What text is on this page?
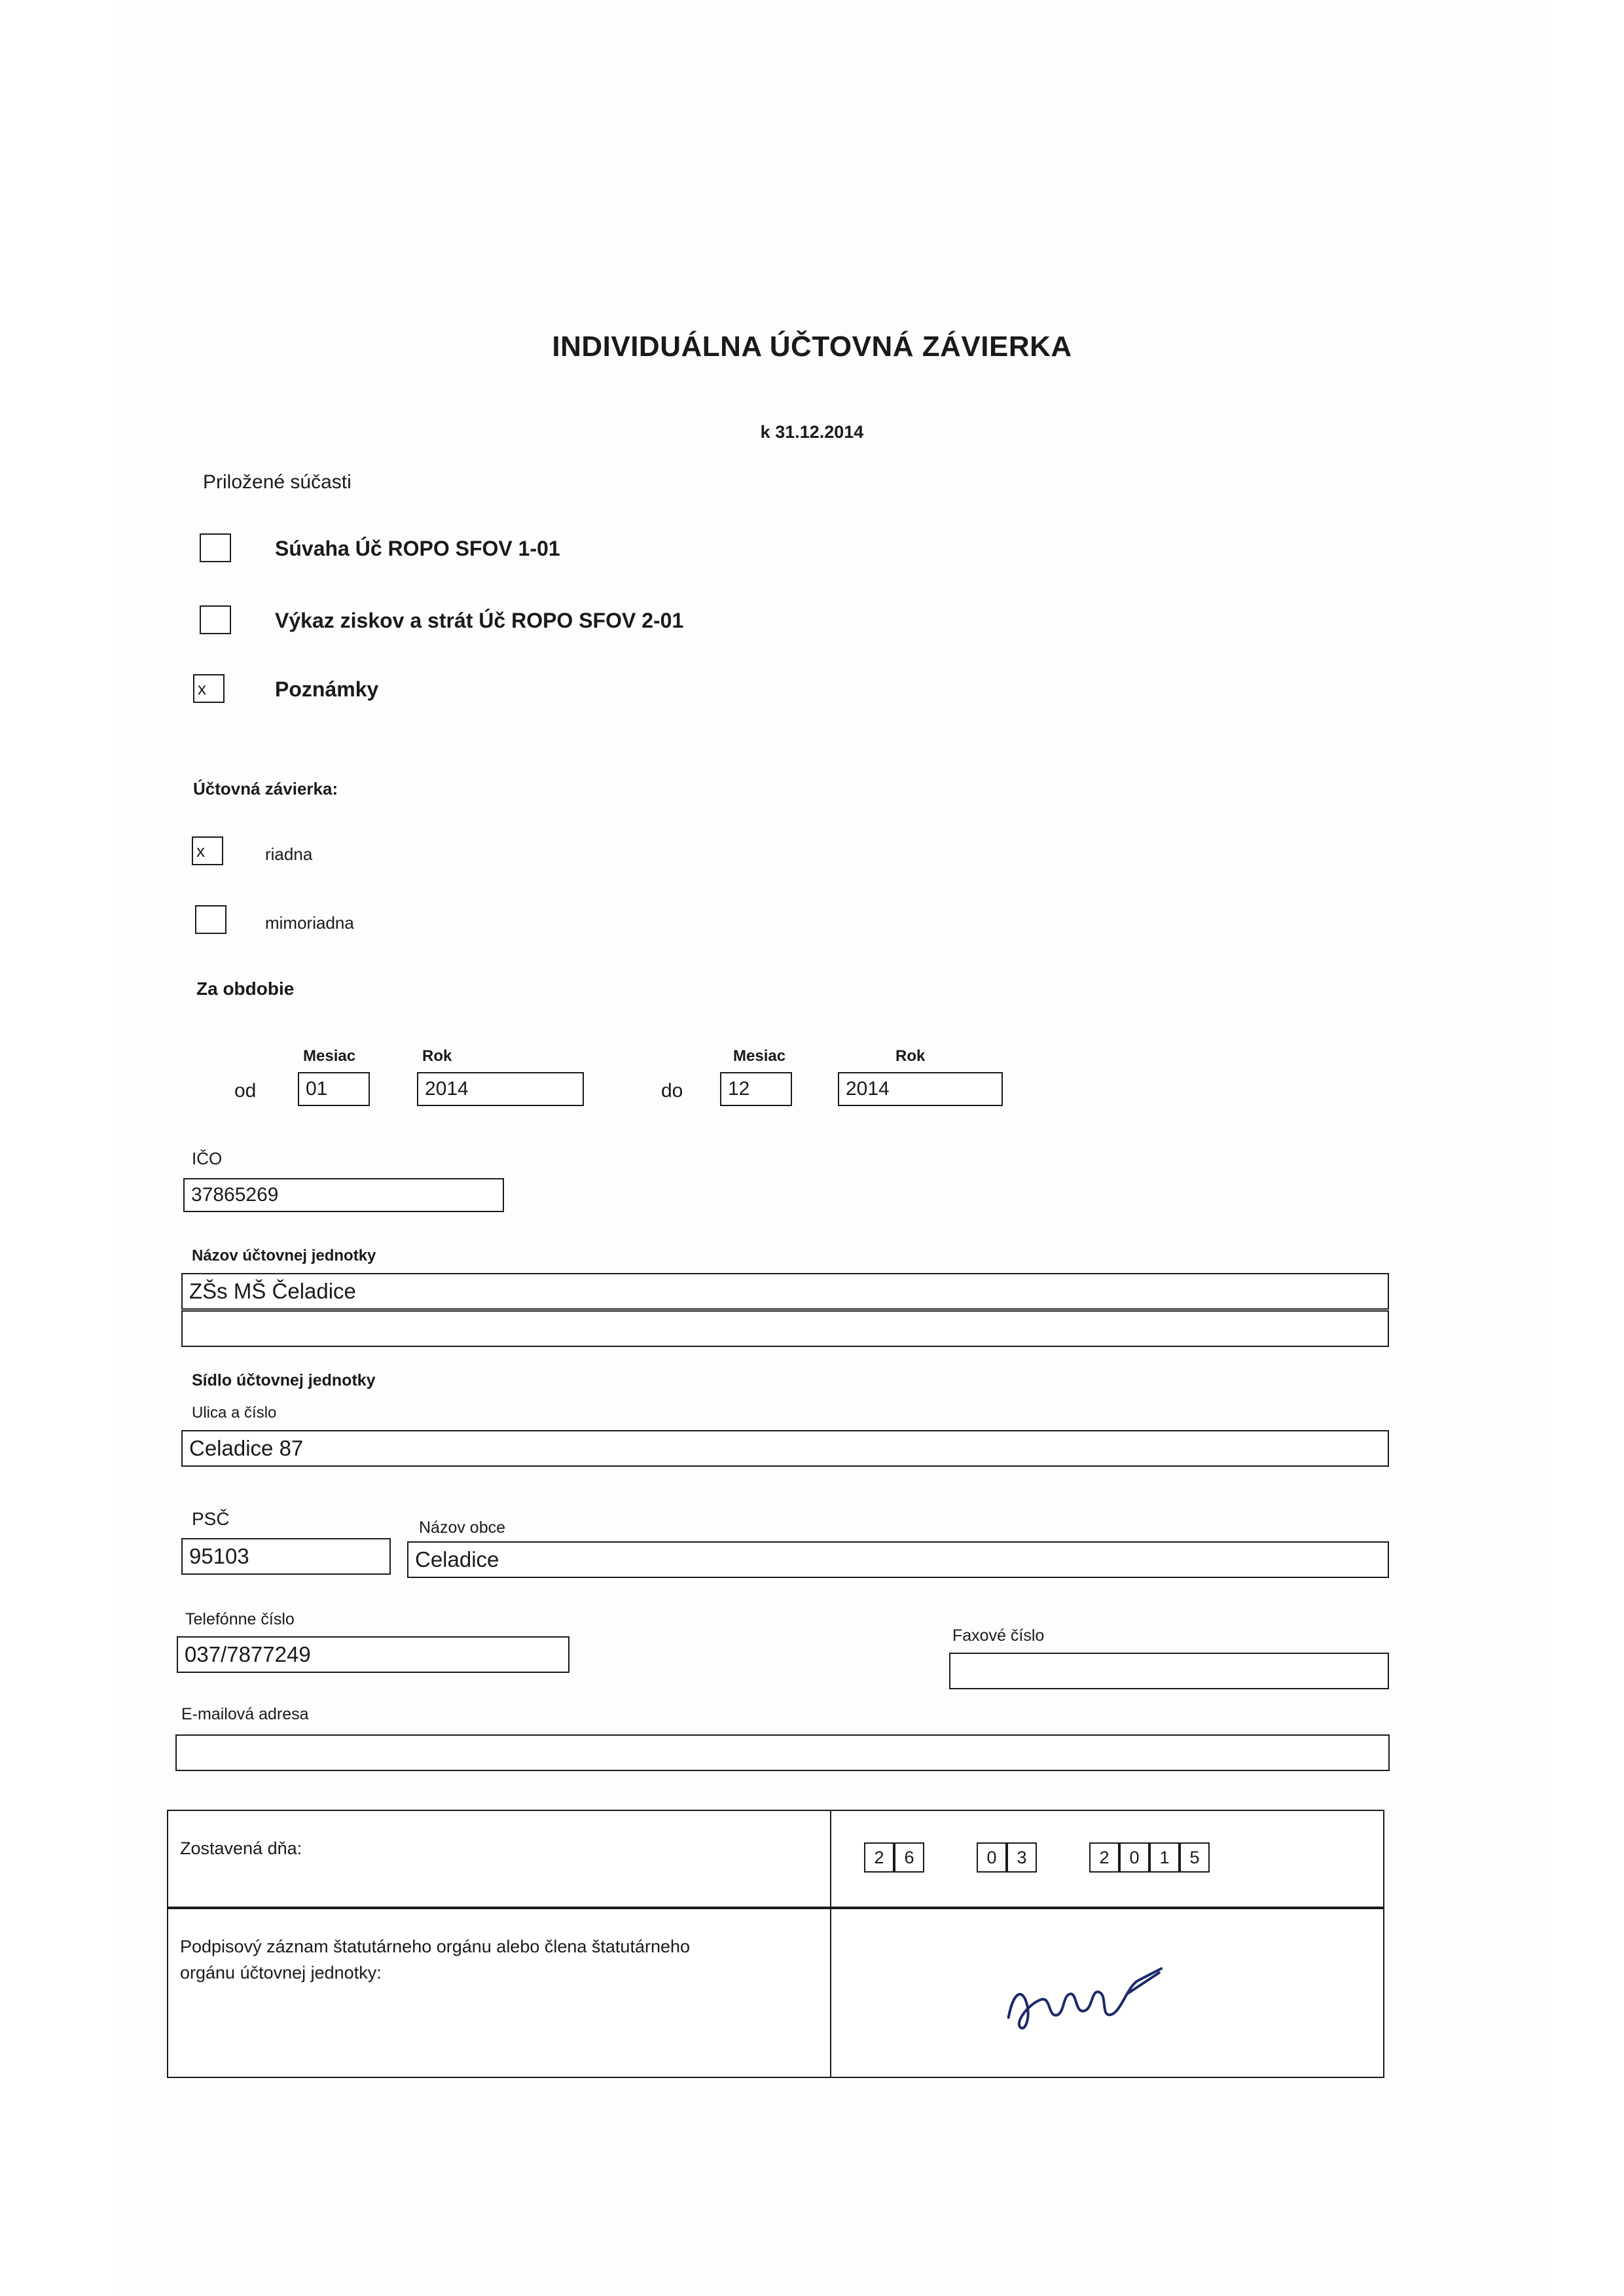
INDIVIDUÁLNA ÚČTOVNÁ ZÁVIERKA
k 31.12.2014
Priložené súčasti
Súvaha Úč ROPO SFOV 1-01
Výkaz ziskov a strát Úč ROPO SFOV 2-01
x	Poznámky
Účtovná závierka:
x	riadna
mimoriadna
Za obdobie
Mesiac	Rok
od	01	2014
Mesiac	Rok
do	12	2014
IČO
37865269
Názov účtovnej jednotky
ZŠs MŠ Čeladice
Sídlo účtovnej jednotky
Ulica a číslo
Celadice 87
PSČ
95103
Názov obce
Celadice
Telefónne číslo
037/7877249
Faxové číslo
E-mailová adresa
Zostavená dňa:	2	6	0	3	2	0	1	5
Podpisový záznam štatutárneho orgánu alebo člena štatutárneho
orgánu účtovnej jednotky:
